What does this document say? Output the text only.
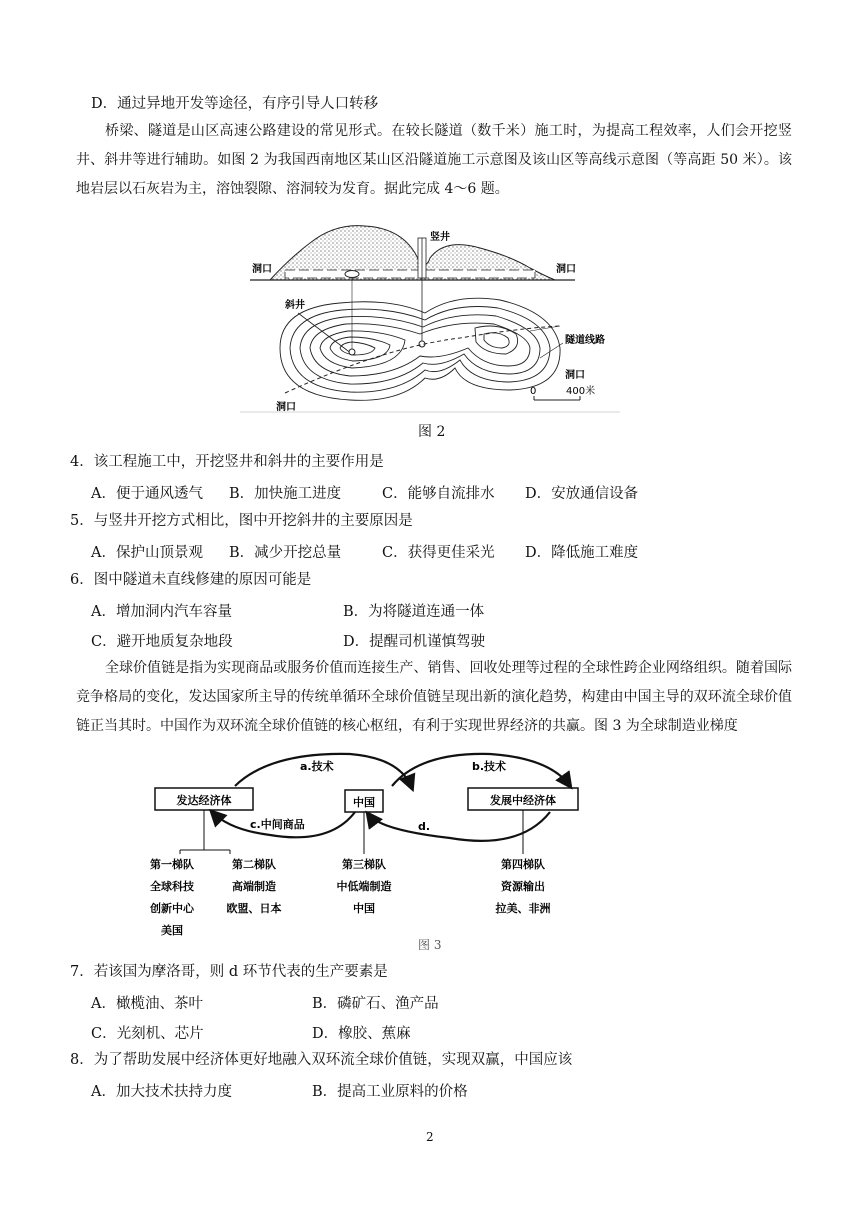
D．通过异地开发等途径，有序引导人口转移
桥梁、隧道是山区高速公路建设的常见形式。在较长隧道（数千米）施工时，为提高工程效率，人们会开挖竖井、斜井等进行辅助。如图 2 为我国西南地区某山区沿隧道施工示意图及该山区等高线示意图（等高距 50 米）。该地岩层以石灰岩为主，溶蚀裂隙、溶洞较为发育。据此完成 4～6 题。
竖井
洞口	洞口
斜井
隧道线路
洞口
洞口
0	400米
图 2
4．该工程施工中，开挖竖井和斜井的主要作用是
A．便于通风透气 B．加快施工进度	C．能够自流排水 D．安放通信设备
5．与竖井开挖方式相比，图中开挖斜井的主要原因是
A．保护山顶景观 B．减少开挖总量	C．获得更佳采光 D．降低施工难度
6．图中隧道未直线修建的原因可能是
A．增加洞内汽车容量	B．为将隧道连通一体
C．避开地质复杂地段	D．提醒司机谨慎驾驶
全球价值链是指为实现商品或服务价值而连接生产、销售、回收处理等过程的全球性跨企业网络组织。随着国际竞争格局的变化，发达国家所主导的传统单循环全球价值链呈现出新的演化趋势，构建由中国主导的双环流全球价值链正当其时。中国作为双环流全球价值链的核心枢纽，有利于实现世界经济的共赢。图 3 为全球制造业梯度
发达经济体	中国	发展中经济体
a.技术	b.技术
c.中间商品	d.
第一梯队
全球科技
创新中心
美国
第二梯队
高端制造
欧盟、日本
第三梯队
中低端制造
中国
第四梯队
资源输出
拉美、非洲
图 3
7．若该国为摩洛哥，则 d 环节代表的生产要素是
A．橄榄油、茶叶	B．磷矿石、渔产品
C．光刻机、芯片	D．橡胶、蕉麻
8．为了帮助发展中经济体更好地融入双环流全球价值链，实现双赢，中国应该
A．加大技术扶持力度	B．提高工业原料的价格
2
